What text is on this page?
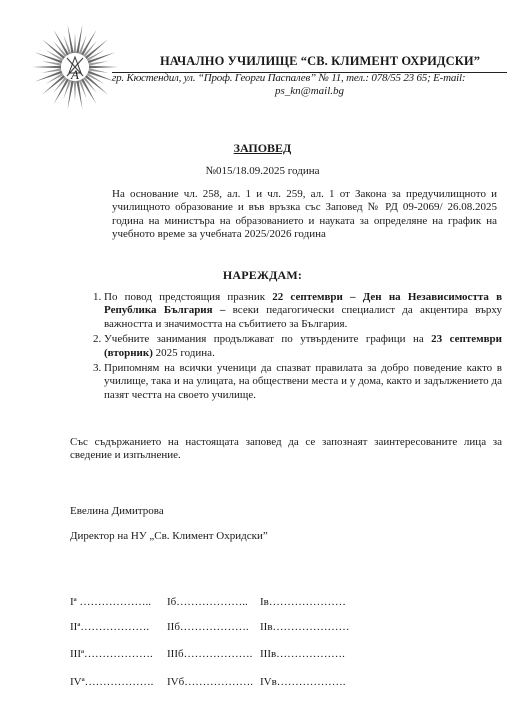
A
НАЧАЛНО УЧИЛИЩЕ “СВ. КЛИМЕНТ ОХРИДСКИ”
гр. Кюстендил, ул. “Проф. Георги Паспалев” № 11, тел.: 078/55 23 65; E-mail:
ps_kn@mail.bg
ЗАПОВЕД
№015/18.09.2025 година

На основание чл. 258, ал. 1 и чл. 259, ал. 1 от Закона за предучилищното и училищното образование и във връзка със Заповед № РД 09-2069/ 26.08.2025 година на министъра на образованието и науката за определяне на график на учебното време за учебната 2025/2026 година

НАРЕЖДАМ:
1. По повод предстоящия празник 22 септември – Ден на Независимостта в Република България – всеки педагогически специалист да акцентира върху важността и значимостта на събитието за България.
2. Учебните занимания продължават по утвърдените графици на 23 септември (вторник) 2025 година.
3. Припомням на всички ученици да спазват правилата за добро поведение както в училище, така и на улицата, на обществени места и у дома, както и задължението да пазят честта на своето училище.
Със съдържанието на настоящата заповед да се запознаят заинтересованите лица за сведение и изпълнение.
Евелина Димитрова
Директор на НУ „Св. Климент Охридски”
Iª ……………….. Iб……………….. Iв…………………
IIª………………. IIб………………. IIв…………………
IIIª………………. IIIб………………. IIIв……………….
IVª………………. IVб………………. IVв……………….
